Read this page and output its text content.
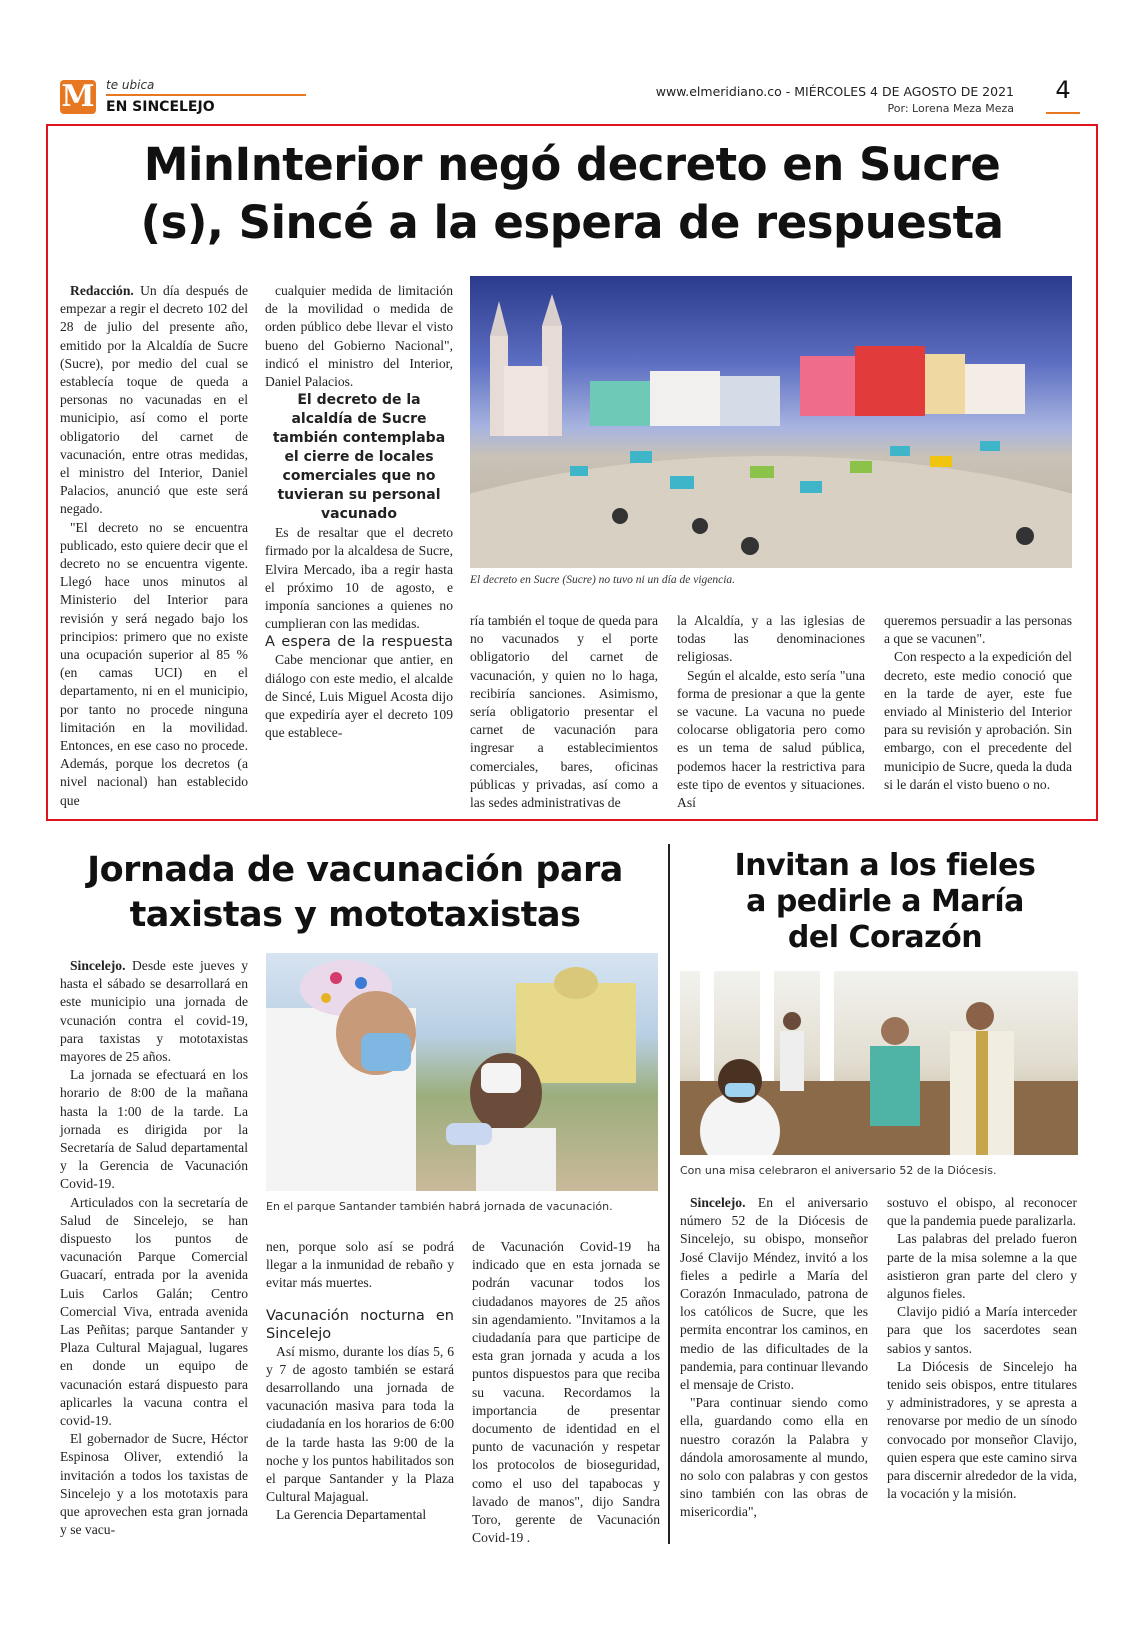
M te ubica
EN SINCELEJO
www.elmeridiano.co - MIÉRCOLES 4 DE AGOSTO DE 2021
Por: Lorena Meza Meza
4
MinInterior negó decreto en Sucre
(s), Sincé a la espera de respuesta

Redacción. Un día después de empezar a regir el decreto 102 del 28 de julio del presente año, emitido por la Alcaldía de Sucre (Sucre), por medio del cual se establecía toque de queda a personas no vacunadas en el municipio, así como el porte obligatorio del carnet de vacunación, entre otras medidas, el ministro del Interior, Daniel Palacios, anunció que este será negado.

"El decreto no se encuentra publicado, esto quiere decir que el decreto no se encuentra vigente. Llegó hace unos minutos al Ministerio del Interior para revisión y será negado bajo los principios: primero que no existe una ocupación superior al 85 % (en camas UCI) en el departamento, ni en el municipio, por tanto no procede ninguna limitación en la movilidad. Entonces, en ese caso no procede. Además, porque los decretos (a nivel nacional) han establecido que

cualquier medida de limitación de la movilidad o medida de orden público debe llevar el visto bueno del Gobierno Nacional", indicó el ministro del Interior, Daniel Palacios.

El decreto de la alcaldía de Sucre también contemplaba el cierre de locales comerciales que no tuvieran su personal vacunado

Es de resaltar que el decreto firmado por la alcaldesa de Sucre, Elvira Mercado, iba a regir hasta el próximo 10 de agosto, e imponía sanciones a quienes no cumplieran con las medidas.

A espera de la respuesta

Cabe mencionar que antier, en diálogo con este medio, el alcalde de Sincé, Luis Miguel Acosta dijo que expediría ayer el decreto 109 que establece-

El decreto en Sucre (Sucre) no tuvo ni un día de vigencia.

ría también el toque de queda para no vacunados y el porte obligatorio del carnet de vacunación, y quien no lo haga, recibiría sanciones. Asimismo, sería obligatorio presentar el carnet de vacunación para ingresar a establecimientos comerciales, bares, oficinas públicas y privadas, así como a las sedes administrativas de

la Alcaldía, y a las iglesias de todas las denominaciones religiosas.

Según el alcalde, esto sería "una forma de presionar a que la gente se vacune. La vacuna no puede colocarse obligatoria pero como es un tema de salud pública, podemos hacer la restrictiva para este tipo de eventos y situaciones. Así

queremos persuadir a las personas a que se vacunen".

Con respecto a la expedición del decreto, este medio conoció que en la tarde de ayer, este fue enviado al Ministerio del Interior para su revisión y aprobación. Sin embargo, con el precedente del municipio de Sucre, queda la duda si le darán el visto bueno o no.

Jornada de vacunación para
taxistas y mototaxistas

Sincelejo. Desde este jueves y hasta el sábado se desarrollará en este municipio una jornada de vcunación contra el covid-19, para taxistas y mototaxistas mayores de 25 años.

La jornada se efectuará en los horario de 8:00 de la mañana hasta la 1:00 de la tarde. La jornada es dirigida por la Secretaría de Salud departamental y la Gerencia de Vacunación Covid-19.

Articulados con la secretaría de Salud de Sincelejo, se han dispuesto los puntos de vacunación Parque Comercial Guacarí, entrada por la avenida Luis Carlos Galán; Centro Comercial Viva, entrada avenida Las Peñitas; parque Santander y Plaza Cultural Majagual, lugares en donde un equipo de vacunación estará dispuesto para aplicarles la vacuna contra el covid-19.

El gobernador de Sucre, Héctor Espinosa Oliver, extendió la invitación a todos los taxistas de Sincelejo y a los mototaxis para que aprovechen esta gran jornada y se vacu-

En el parque Santander también habrá jornada de vacunación.

nen, porque solo así se podrá llegar a la inmunidad de rebaño y evitar más muertes.

Vacunación nocturna en Sincelejo

Así mismo, durante los días 5, 6 y 7 de agosto también se estará desarrollando una jornada de vacunación masiva para toda la ciudadanía en los horarios de 6:00 de la tarde hasta las 9:00 de la noche y los puntos habilitados son el parque Santander y la Plaza Cultural Majagual.

La Gerencia Departamental

de Vacunación Covid-19 ha indicado que en esta jornada se podrán vacunar todos los ciudadanos mayores de 25 años sin agendamiento. "Invitamos a la ciudadanía para que participe de esta gran jornada y acuda a los puntos dispuestos para que reciba su vacuna. Recordamos la importancia de presentar documento de identidad en el punto de vacunación y respetar los protocolos de bioseguridad, como el uso del tapabocas y lavado de manos", dijo Sandra Toro, gerente de Vacunación Covid-19 .

Invitan a los fieles
a pedirle a María
del Corazón
Con una misa celebraron el aniversario 52 de la Diócesis.

Sincelejo. En el aniversario número 52 de la Diócesis de Sincelejo, su obispo, monseñor José Clavijo Méndez, invitó a los fieles a pedirle a María del Corazón Inmaculado, patrona de los católicos de Sucre, que les permita encontrar los caminos, en medio de las dificultades de la pandemia, para continuar llevando el mensaje de Cristo.

"Para continuar siendo como ella, guardando como ella en nuestro corazón la Palabra y dándola amorosamente al mundo, no solo con palabras y con gestos sino también con las obras de misericordia",

sostuvo el obispo, al reconocer que la pandemia puede paralizarla.

Las palabras del prelado fueron parte de la misa solemne a la que asistieron gran parte del clero y algunos fieles.

Clavijo pidió a María interceder para que los sacerdotes sean sabios y santos.

La Diócesis de Sincelejo ha tenido seis obispos, entre titulares y administradores, y se apresta a renovarse por medio de un sínodo convocado por monseñor Clavijo, quien espera que este camino sirva para discernir alrededor de la vida, la vocación y la misión.
